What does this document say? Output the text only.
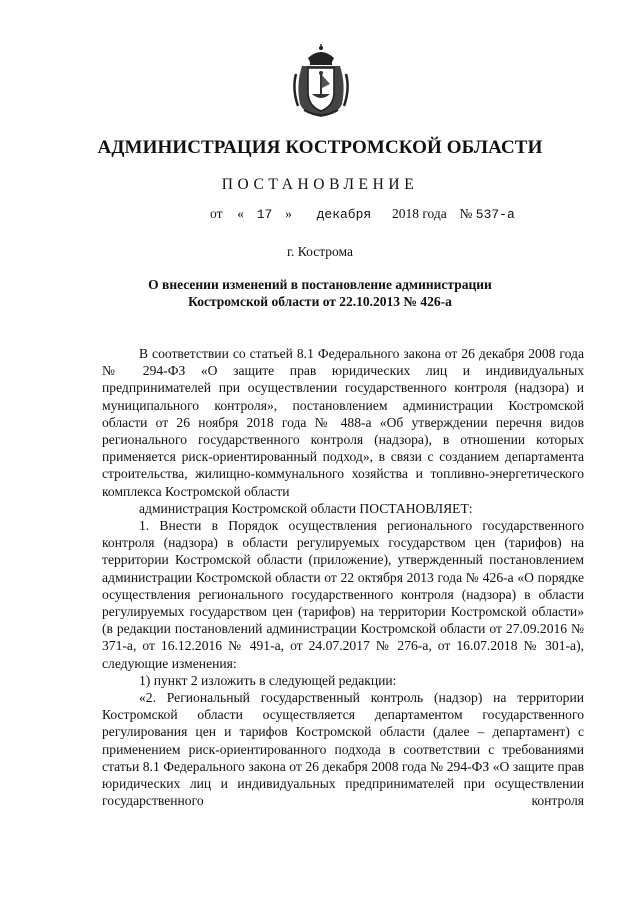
АДМИНИСТРАЦИЯ КОСТРОМСКОЙ ОБЛАСТИ
ПОСТАНОВЛЕНИЕ
от « 17 » декабря 2018 года № 537-а
г. Кострома
О внесении изменений в постановление администрации
Костромской области от 22.10.2013 № 426-а

В соответствии со статьей 8.1 Федерального закона от 26 декабря 2008 года № 294-ФЗ «О защите прав юридических лиц и индивидуальных предпринимателей при осуществлении государственного контроля (надзора) и муниципального контроля», постановлением администрации Костромской области от 26 ноября 2018 года № 488-а «Об утверждении перечня видов регионального государственного контроля (надзора), в отношении которых применяется риск-ориентированный подход», в связи с созданием департамента строительства, жилищно-коммунального хозяйства и топливно-энергетического комплекса Костромской области

администрация Костромской области ПОСТАНОВЛЯЕТ:

1. Внести в Порядок осуществления регионального государственного контроля (надзора) в области регулируемых государством цен (тарифов) на территории Костромской области (приложение), утвержденный постановлением администрации Костромской области от 22 октября 2013 года № 426-а «О порядке осуществления регионального государственного контроля (надзора) в области регулируемых государством цен (тарифов) на территории Костромской области» (в редакции постановлений администрации Костромской области от 27.09.2016 № 371-а, от 16.12.2016 № 491-а, от 24.07.2017 № 276-а, от 16.07.2018 № 301-а), следующие изменения:

1) пункт 2 изложить в следующей редакции:

«2. Региональный государственный контроль (надзор) на территории Костромской области осуществляется департаментом государственного регулирования цен и тарифов Костромской области (далее – департамент) с применением риск-ориентированного подхода в соответствии с требованиями статьи 8.1 Федерального закона от 26 декабря 2008 года № 294-ФЗ «О защите прав юридических лиц и индивидуальных предпринимателей при осуществлении государственного контроля
